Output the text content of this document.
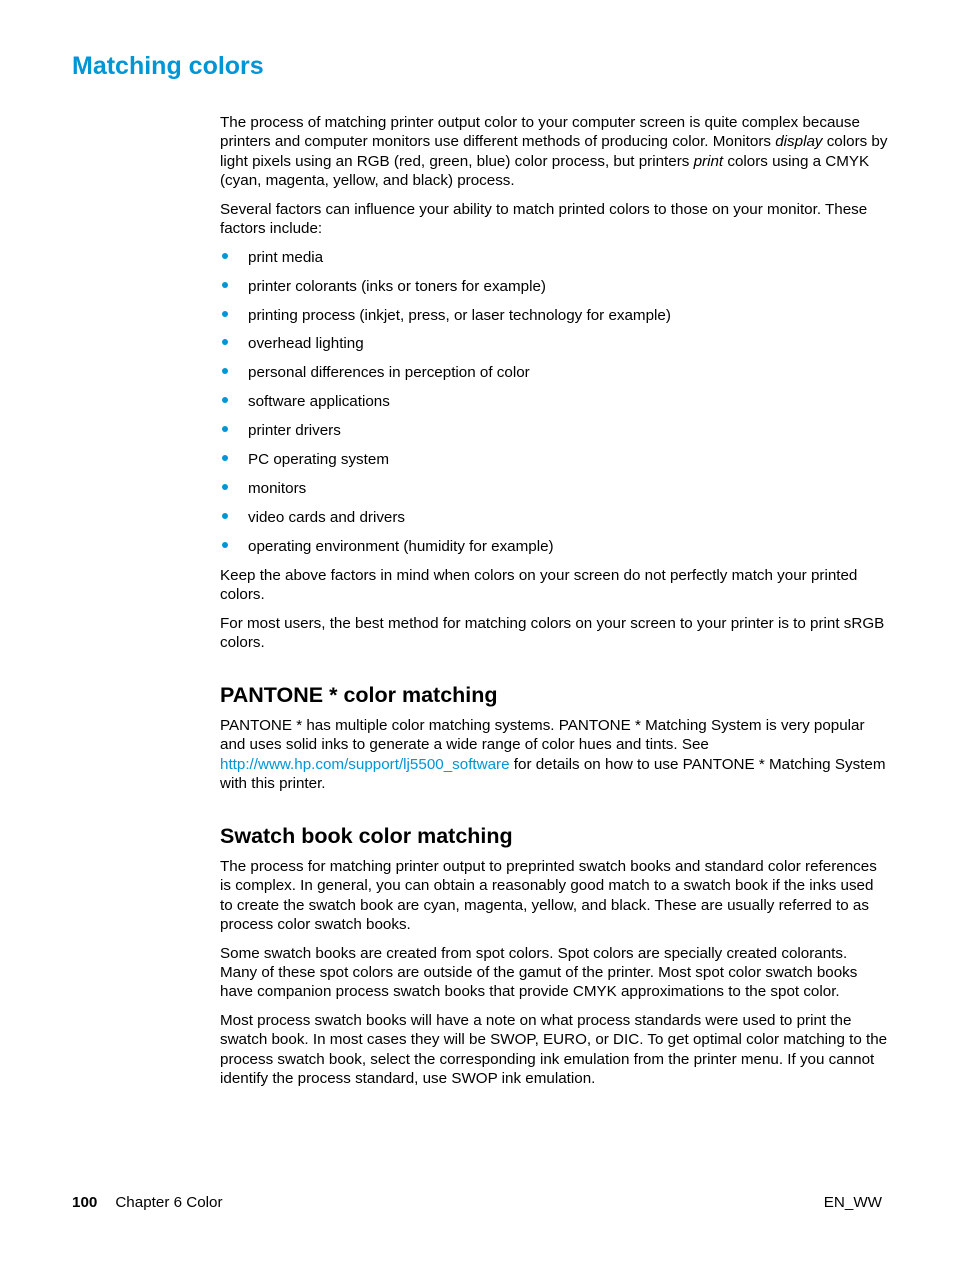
Matching colors

The process of matching printer output color to your computer screen is quite complex because printers and computer monitors use different methods of producing color. Monitors display colors by light pixels using an RGB (red, green, blue) color process, but printers print colors using a CMYK (cyan, magenta, yellow, and black) process.

Several factors can influence your ability to match printed colors to those on your monitor. These factors include:

print media
printer colorants (inks or toners for example)
printing process (inkjet, press, or laser technology for example)
overhead lighting
personal differences in perception of color
software applications
printer drivers
PC operating system
monitors
video cards and drivers
operating environment (humidity for example)

Keep the above factors in mind when colors on your screen do not perfectly match your printed colors.

For most users, the best method for matching colors on your screen to your printer is to print sRGB colors.

PANTONE * color matching

PANTONE * has multiple color matching systems. PANTONE * Matching System is very popular and uses solid inks to generate a wide range of color hues and tints. See http://www.hp.com/support/lj5500_software for details on how to use PANTONE * Matching System with this printer.

Swatch book color matching

The process for matching printer output to preprinted swatch books and standard color references is complex. In general, you can obtain a reasonably good match to a swatch book if the inks used to create the swatch book are cyan, magenta, yellow, and black. These are usually referred to as process color swatch books.

Some swatch books are created from spot colors. Spot colors are specially created colorants. Many of these spot colors are outside of the gamut of the printer. Most spot color swatch books have companion process swatch books that provide CMYK approximations to the spot color.

Most process swatch books will have a note on what process standards were used to print the swatch book. In most cases they will be SWOP, EURO, or DIC. To get optimal color matching to the process swatch book, select the corresponding ink emulation from the printer menu. If you cannot identify the process standard, use SWOP ink emulation.

100 Chapter 6 Color	EN_WW
